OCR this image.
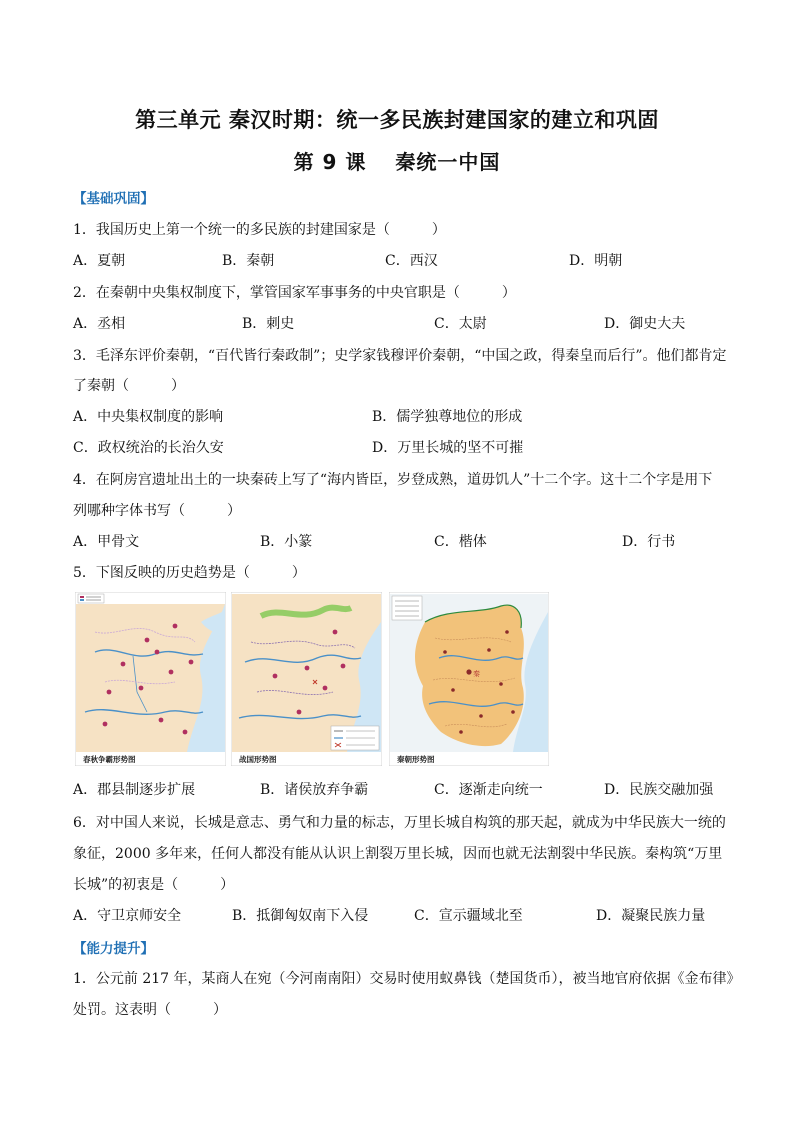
第三单元 秦汉时期：统一多民族封建国家的建立和巩固
第 9 课　 秦统一中国
【基础巩固】
1．我国历史上第一个统一的多民族的封建国家是（　　　）
A．夏朝	B．秦朝	C．西汉	D．明朝
2．在秦朝中央集权制度下，掌管国家军事事务的中央官职是（　　　）
A．丞相	B．刺史	C．太尉	D．御史大夫
3．毛泽东评价秦朝，“百代皆行秦政制”；史学家钱穆评价秦朝，“中国之政，得秦皇而后行”。他们都肯定
了秦朝（　　　）
A．中央集权制度的影响	B．儒学独尊地位的形成
C．政权统治的长治久安	D．万里长城的坚不可摧
4．在阿房宫遗址出土的一块秦砖上写了“海内皆臣，岁登成熟，道毋饥人”十二个字。这十二个字是用下
列哪种字体书写（　　　）
A．甲骨文	B．小篆	C．楷体	D．行书
5．下图反映的历史趋势是（　　　）
春秋争霸形势图	战国形势图
秦
秦朝形势图
A．郡县制逐步扩展	B．诸侯放弃争霸	C．逐渐走向统一	D．民族交融加强
6．对中国人来说，长城是意志、勇气和力量的标志，万里长城自构筑的那天起，就成为中华民族大一统的
象征，2000 多年来，任何人都没有能从认识上割裂万里长城，因而也就无法割裂中华民族。秦构筑“万里
长城”的初衷是（　　　）
A．守卫京师安全	B．抵御匈奴南下入侵	C．宣示疆域北至	D．凝聚民族力量
【能力提升】
1．公元前 217 年，某商人在宛（今河南南阳）交易时使用蚁鼻钱（楚国货币），被当地官府依据《金布律》
处罚。这表明（　　　）
